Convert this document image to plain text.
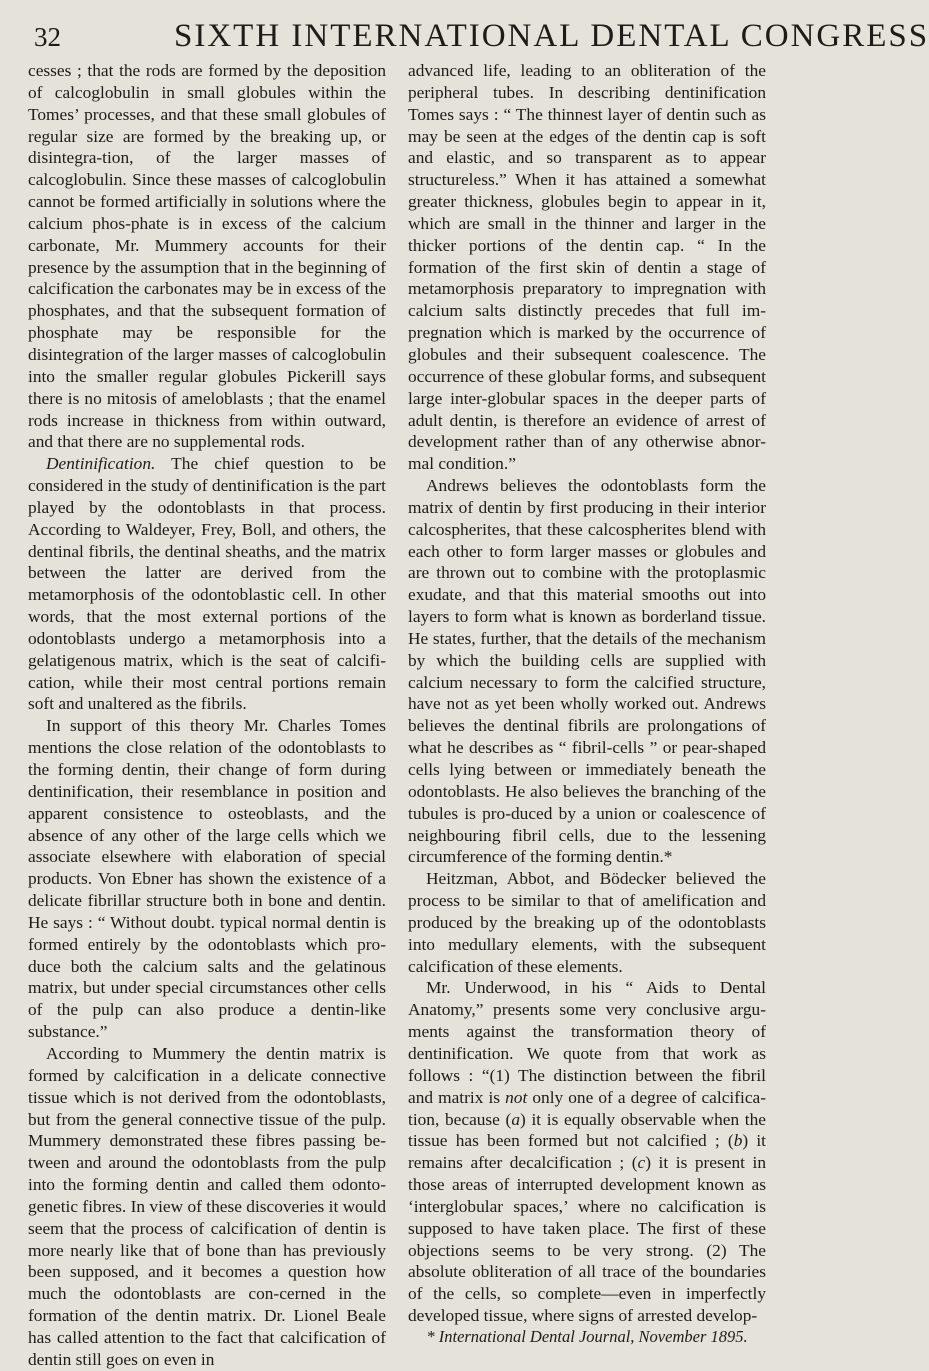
32	SIXTH INTERNATIONAL DENTAL CONGRESS

cesses ; that the rods are formed by the deposition of calcoglobulin in small globules within the Tomes’ processes, and that these small globules of regular size are formed by the breaking up, or disintegra-tion, of the larger masses of calcoglobulin. Since these masses of calcoglobulin cannot be formed artificially in solutions where the calcium phos-phate is in excess of the calcium carbonate, Mr. Mummery accounts for their presence by the assumption that in the beginning of calcification the carbonates may be in excess of the phosphates, and that the subsequent formation of phosphate may be responsible for the disintegration of the larger masses of calcoglobulin into the smaller regular globules Pickerill says there is no mitosis of ameloblasts ; that the enamel rods increase in thickness from within outward, and that there are no supplemental rods.

Dentinification. The chief question to be considered in the study of dentinification is the part played by the odontoblasts in that process. According to Waldeyer, Frey, Boll, and others, the dentinal fibrils, the dentinal sheaths, and the matrix between the latter are derived from the metamorphosis of the odontoblastic cell. In other words, that the most external portions of the odontoblasts undergo a metamorphosis into a gelatigenous matrix, which is the seat of calcifi-cation, while their most central portions remain soft and unaltered as the fibrils.

In support of this theory Mr. Charles Tomes mentions the close relation of the odontoblasts to the forming dentin, their change of form during dentinification, their resemblance in position and apparent consistence to osteoblasts, and the absence of any other of the large cells which we associate elsewhere with elaboration of special products. Von Ebner has shown the existence of a delicate fibrillar structure both in bone and dentin. He says : “ Without doubt. typical normal dentin is formed entirely by the odontoblasts which pro-duce both the calcium salts and the gelatinous matrix, but under special circumstances other cells of the pulp can also produce a dentin-like substance.”

According to Mummery the dentin matrix is formed by calcification in a delicate connective tissue which is not derived from the odontoblasts, but from the general connective tissue of the pulp. Mummery demonstrated these fibres passing be-tween and around the odontoblasts from the pulp into the forming dentin and called them odonto-genetic fibres. In view of these discoveries it would seem that the process of calcification of dentin is more nearly like that of bone than has previously been supposed, and it becomes a question how much the odontoblasts are con-cerned in the formation of the dentin matrix. Dr. Lionel Beale has called attention to the fact that calcification of dentin still goes on even in

advanced life, leading to an obliteration of the peripheral tubes. In describing dentinification Tomes says : “ The thinnest layer of dentin such as may be seen at the edges of the dentin cap is soft and elastic, and so transparent as to appear structureless.” When it has attained a somewhat greater thickness, globules begin to appear in it, which are small in the thinner and larger in the thicker portions of the dentin cap. “ In the formation of the first skin of dentin a stage of metamorphosis preparatory to impregnation with calcium salts distinctly precedes that full im-pregnation which is marked by the occurrence of globules and their subsequent coalescence. The occurrence of these globular forms, and subsequent large inter-globular spaces in the deeper parts of adult dentin, is therefore an evidence of arrest of development rather than of any otherwise abnor-mal condition.”

Andrews believes the odontoblasts form the matrix of dentin by first producing in their interior calcospherites, that these calcospherites blend with each other to form larger masses or globules and are thrown out to combine with the protoplasmic exudate, and that this material smooths out into layers to form what is known as borderland tissue. He states, further, that the details of the mechanism by which the building cells are supplied with calcium necessary to form the calcified structure, have not as yet been wholly worked out. Andrews believes the dentinal fibrils are prolongations of what he describes as “ fibril-cells ” or pear-shaped cells lying between or immediately beneath the odontoblasts. He also believes the branching of the tubules is pro-duced by a union or coalescence of neighbouring fibril cells, due to the lessening circumference of the forming dentin.*

Heitzman, Abbot, and Bödecker believed the process to be similar to that of amelification and produced by the breaking up of the odontoblasts into medullary elements, with the subsequent calcification of these elements.

Mr. Underwood, in his “ Aids to Dental Anatomy,” presents some very conclusive argu-ments against the transformation theory of dentinification. We quote from that work as follows : “(1) The distinction between the fibril and matrix is not only one of a degree of calcifica-tion, because (a) it is equally observable when the tissue has been formed but not calcified ; (b) it remains after decalcification ; (c) it is present in those areas of interrupted development known as ‘interglobular spaces,’ where no calcification is supposed to have taken place. The first of these objections seems to be very strong. (2) The absolute obliteration of all trace of the boundaries of the cells, so complete—even in imperfectly developed tissue, where signs of arrested develop-

* International Dental Journal, November 1895.
